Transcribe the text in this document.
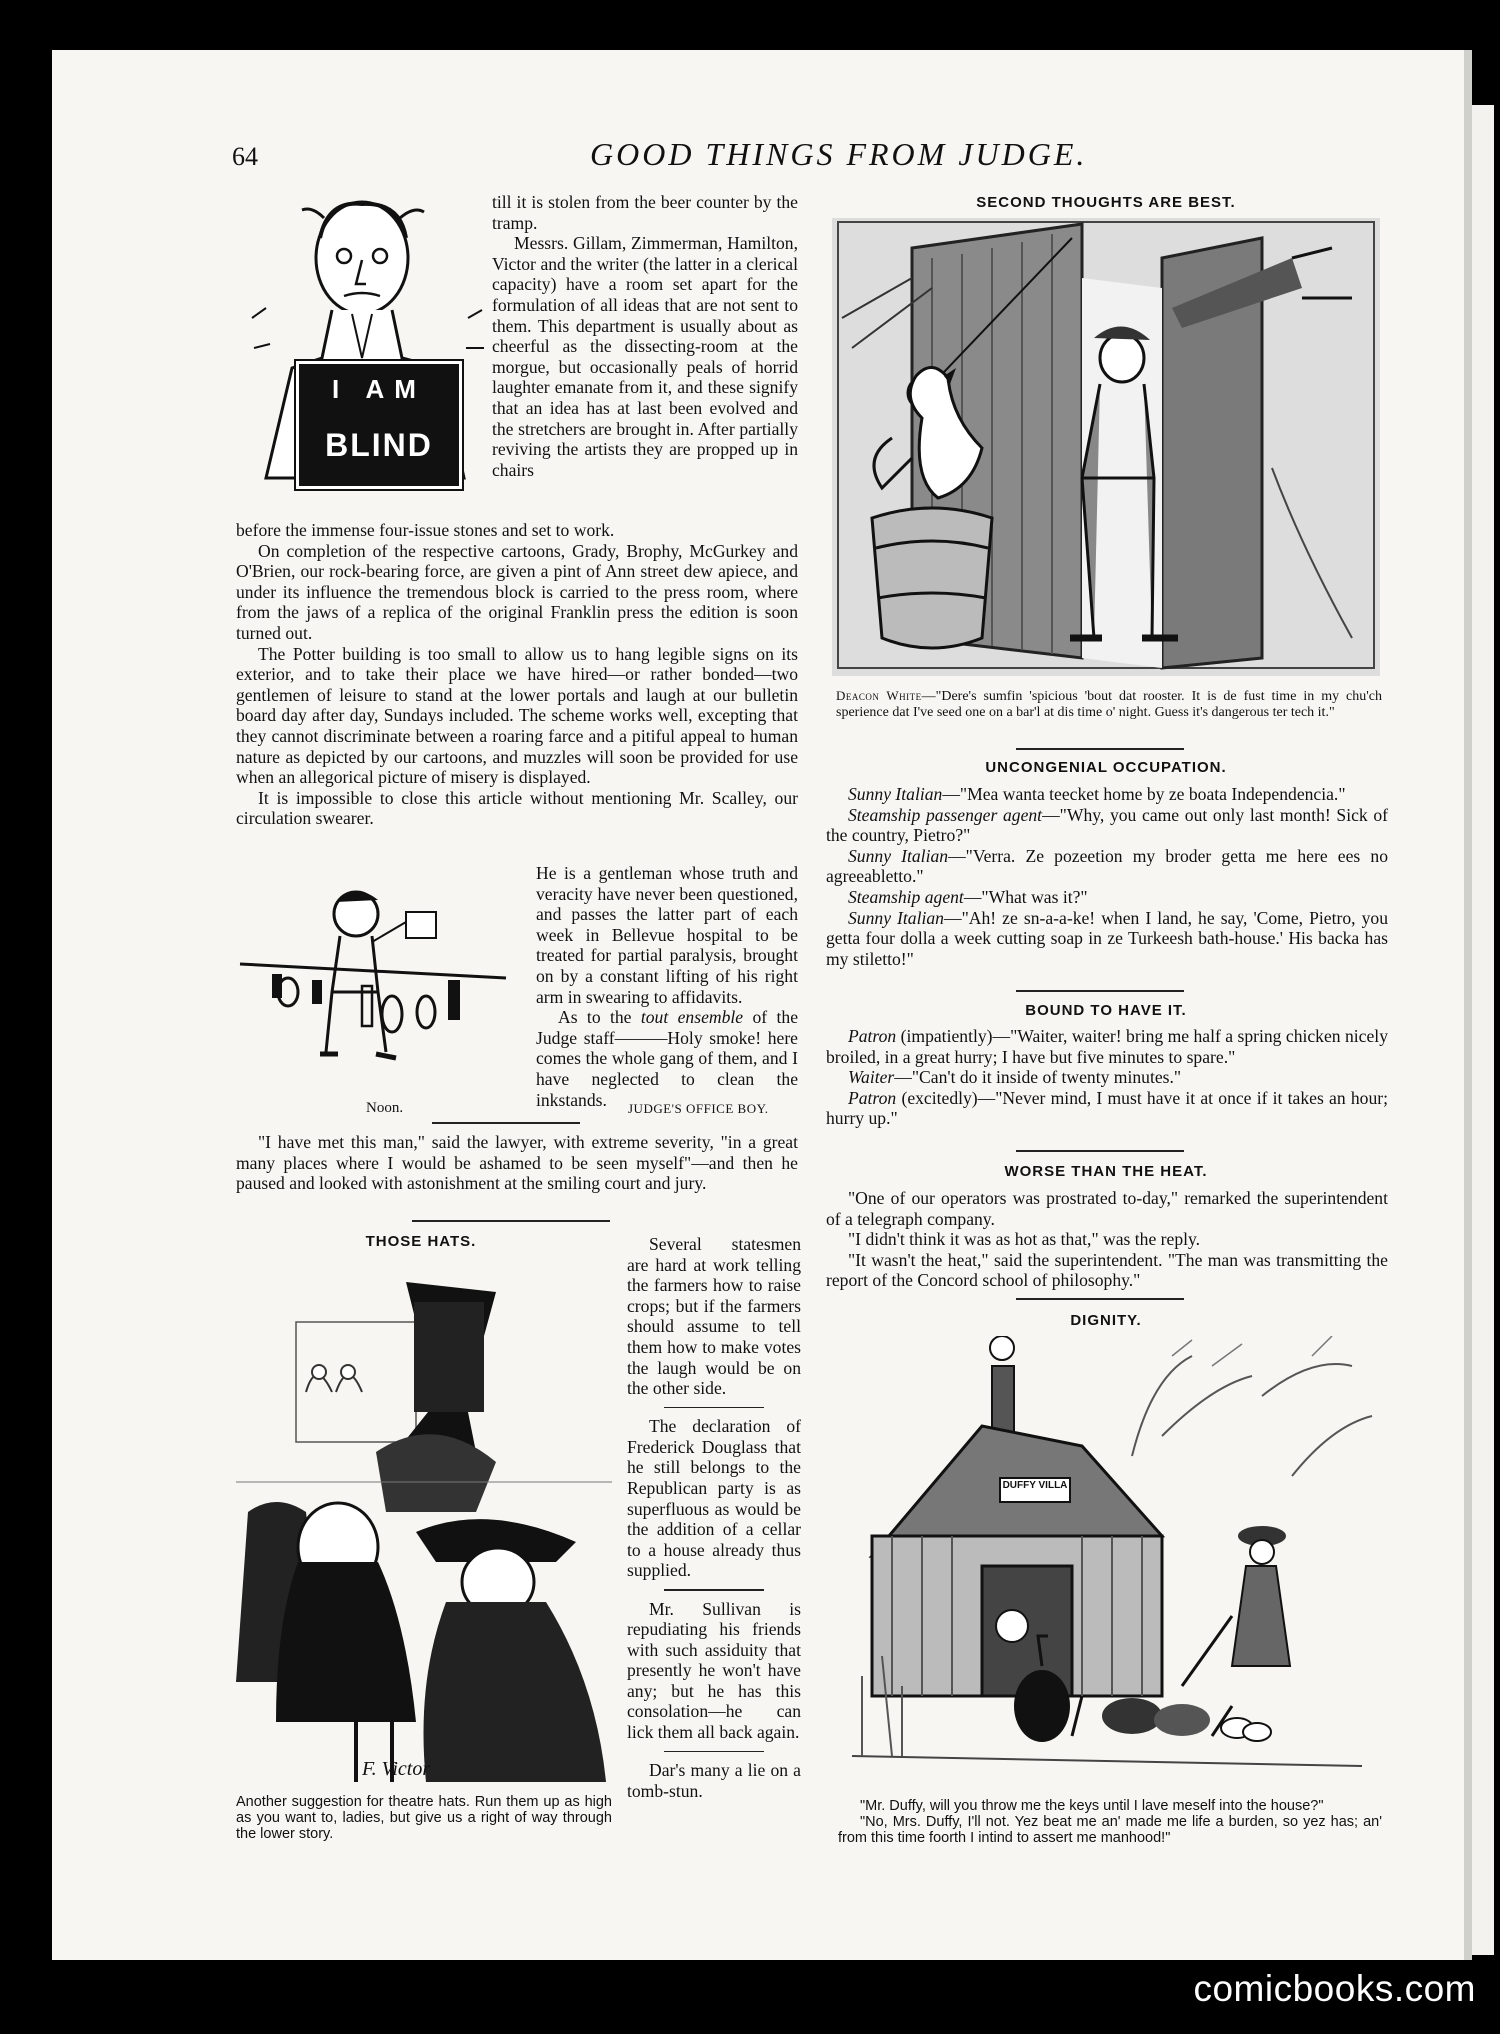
64	GOOD THINGS FROM JUDGE.
I AM
BLIND

till it is stolen from the beer counter by the tramp.

Messrs. Gillam, Zimmerman, Hamilton, Victor and the writer (the latter in a clerical capacity) have a room set apart for the formulation of all ideas that are not sent to them. This department is usually about as cheerful as the dissecting-room at the morgue, but occasionally peals of horrid laughter emanate from it, and these signify that an idea has at last been evolved and the stretchers are brought in. After partially reviving the artists they are propped up in chairs

before the immense four-issue stones and set to work.

On completion of the respective cartoons, Grady, Brophy, McGurkey and O'Brien, our rock-bearing force, are given a pint of Ann street dew apiece, and under its influence the tremendous block is carried to the press room, where from the jaws of a replica of the original Franklin press the edition is soon turned out.

The Potter building is too small to allow us to hang legible signs on its exterior, and to take their place we have hired—or rather bonded—two gentlemen of leisure to stand at the lower portals and laugh at our bulletin board day after day, Sundays included. The scheme works well, excepting that they cannot discriminate between a roaring farce and a pitiful appeal to human nature as depicted by our cartoons, and muzzles will soon be provided for use when an allegorical picture of misery is displayed.

It is impossible to close this article without mentioning Mr. Scalley, our circulation swearer.

He is a gentleman whose truth and veracity have never been questioned, and passes the latter part of each week in Bellevue hospital to be treated for partial paralysis, brought on by a constant lifting of his right arm in swearing to affidavits.

As to the tout ensemble of the Judge staff———Holy smoke! here comes the whole gang of them, and I have neglected to clean the inkstands.

Noon.	JUDGE'S OFFICE BOY.

"I have met this man," said the lawyer, with extreme severity, "in a great many places where I would be ashamed to be seen myself"—and then he paused and looked with astonishment at the smiling court and jury.

THOSE HATS.
F. Victor
Another suggestion for theatre hats. Run them up as high as you want to, ladies, but give us a right of way through the lower story.

Several statesmen are hard at work telling the farmers how to raise crops; but if the farmers should assume to tell them how to make votes the laugh would be on the other side.

The declaration of Frederick Douglass that he still belongs to the Republican party is as superfluous as would be the addition of a cellar to a house already thus supplied.

Mr. Sullivan is repudiating his friends with such assiduity that presently he won't have any; but he has this consolation—he can lick them all back again.

Dar's many a lie on a tomb-stun.

SECOND THOUGHTS ARE BEST.
Deacon White—"Dere's sumfin 'spicious 'bout dat rooster. It is de fust time in my chu'ch sperience dat I've seed one on a bar'l at dis time o' night. Guess it's dangerous ter tech it."
UNCONGENIAL OCCUPATION.

Sunny Italian—"Mea wanta teecket home by ze boata Independencia."

Steamship passenger agent—"Why, you came out only last month! Sick of the country, Pietro?"

Sunny Italian—"Verra. Ze pozeetion my broder getta me here ees no agreeabletto."

Steamship agent—"What was it?"

Sunny Italian—"Ah! ze sn-a-a-ke! when I land, he say, 'Come, Pietro, you getta four dolla a week cutting soap in ze Turkeesh bath-house.' His backa has my stiletto!"

BOUND TO HAVE IT.

Patron (impatiently)—"Waiter, waiter! bring me half a spring chicken nicely broiled, in a great hurry; I have but five minutes to spare."

Waiter—"Can't do it inside of twenty minutes."

Patron (excitedly)—"Never mind, I must have it at once if it takes an hour; hurry up."

WORSE THAN THE HEAT.

"One of our operators was prostrated to-day," remarked the superintendent of a telegraph company.

"I didn't think it was as hot as that," was the reply.

"It wasn't the heat," said the superintendent. "The man was transmitting the report of the Concord school of philosophy."

DIGNITY.
DUFFY VILLA
"Mr. Duffy, will you throw me the keys until I lave meself into the house?"
"No, Mrs. Duffy, I'll not. Yez beat me an' made me life a burden, so yez has; an' from this time foorth I intind to assert me manhood!"
comicbooks.com
